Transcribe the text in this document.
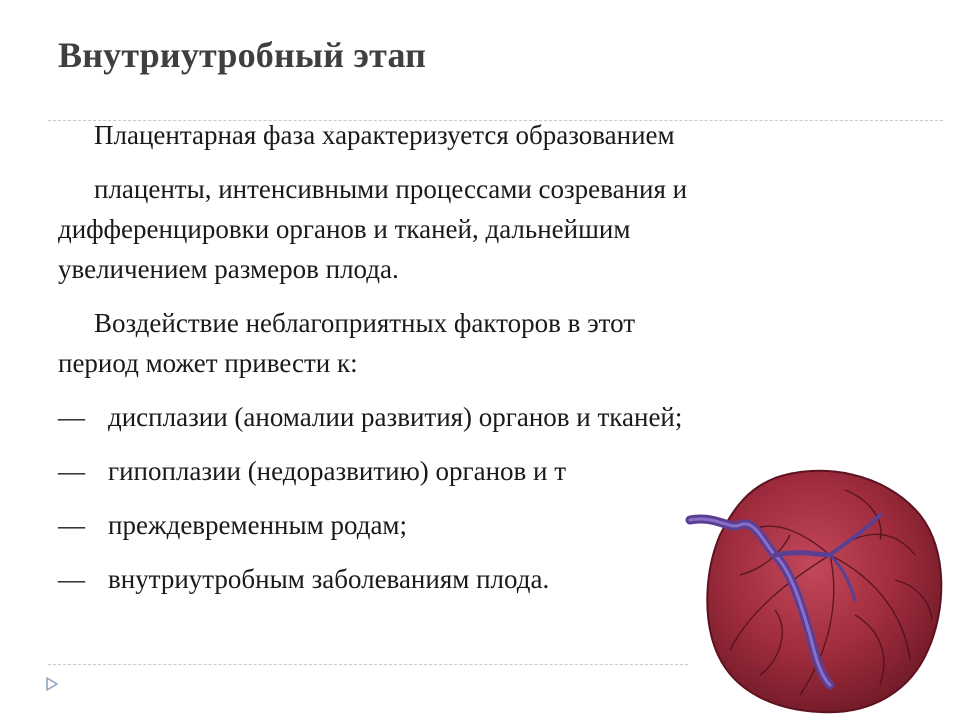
Внутриутробный этап

Плацентарная фаза характеризуется образованием

плаценты, интенсивными процессами созревания и
дифференцировки органов и тканей, дальнейшим
увеличением размеров плода.

Воздействие неблагоприятных факторов в этот
период может привести к:

— дисплазии (аномалии развития) органов и тканей;
— гипоплазии (недоразвитию) органов и т
— преждевременным родам;
— внутриутробным заболеваниям плода.
